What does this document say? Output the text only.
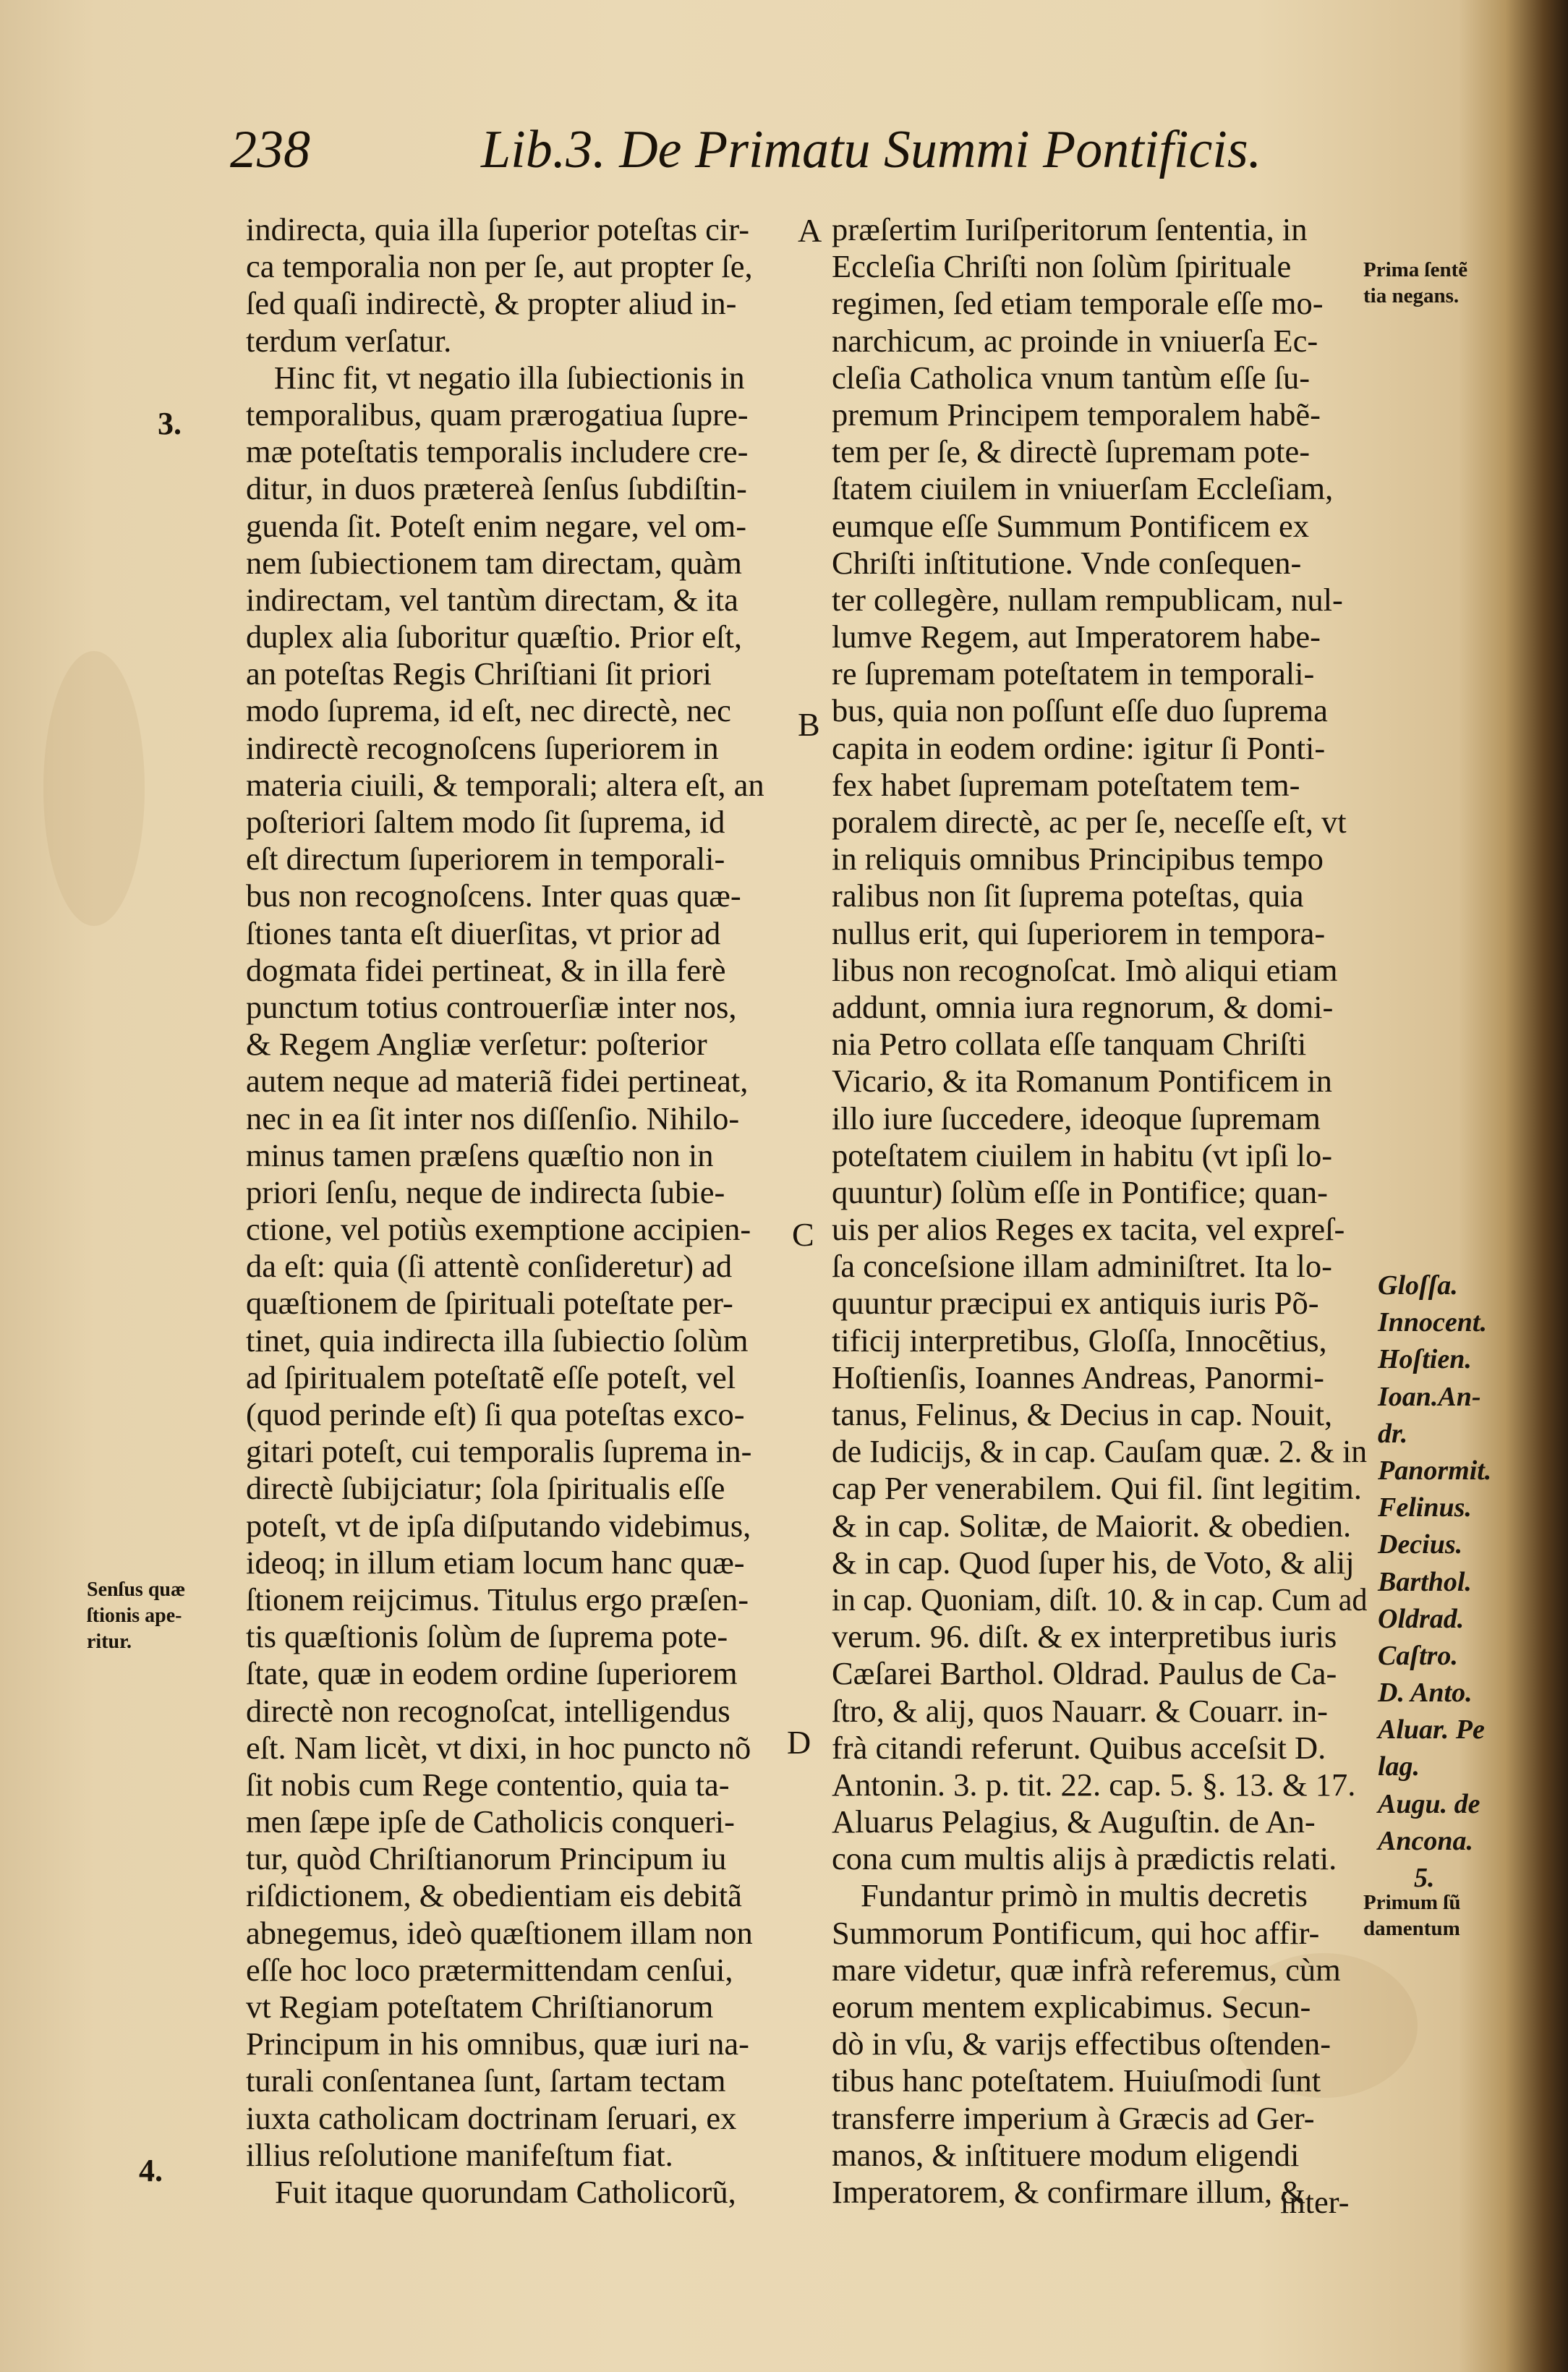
238	Lib.3. De Primatu Summi Pontificis.
A
B
C
D
3.
4.
Senſus quæ
ſtionis ape-
ritur.
Prima ſentẽ
tia negans.
Primum ſũ
damentum
Gloſſa.
Innocent.
Hoſtien.
Ioan.An-
dr.
Panormit.
Felinus.
Decius.
Barthol.
Oldrad.
Caſtro.
D. Anto.
Aluar. Pe
lag.
Augu. de
Ancona.
5.
indirecta, quia illa ſuperior poteſtas cir-
ca temporalia non per ſe, aut propter ſe,
ſed quaſi indirectè, & propter aliud in-
terdum verſatur.
Hinc fit, vt negatio illa ſubiectionis in
temporalibus, quam prærogatiua ſupre-
mæ poteſtatis temporalis includere cre-
ditur, in duos prætereà ſenſus ſubdiſtin-
guenda ſit. Poteſt enim negare, vel om-
nem ſubiectionem tam directam, quàm
indirectam, vel tantùm directam, & ita
duplex alia ſuboritur quæſtio. Prior eſt,
an poteſtas Regis Chriſtiani ſit priori
modo ſuprema, id eſt, nec directè, nec
indirectè recognoſcens ſuperiorem in
materia ciuili, & temporali; altera eſt, an
poſteriori ſaltem modo ſit ſuprema, id
eſt directum ſuperiorem in temporali-
bus non recognoſcens. Inter quas quæ-
ſtiones tanta eſt diuerſitas, vt prior ad
dogmata fidei pertineat, & in illa ferè
punctum totius controuerſiæ inter nos,
& Regem Angliæ verſetur: poſterior
autem neque ad materiã fidei pertineat,
nec in ea ſit inter nos diſſenſio. Nihilo-
minus tamen præſens quæſtio non in
priori ſenſu, neque de indirecta ſubie-
ctione, vel potiùs exemptione accipien-
da eſt: quia (ſi attentè conſideretur) ad
quæſtionem de ſpirituali poteſtate per-
tinet, quia indirecta illa ſubiectio ſolùm
ad ſpiritualem poteſtatẽ eſſe poteſt, vel
(quod perinde eſt) ſi qua poteſtas exco-
gitari poteſt, cui temporalis ſuprema in-
directè ſubijciatur; ſola ſpiritualis eſſe
poteſt, vt de ipſa diſputando videbimus,
ideoq; in illum etiam locum hanc quæ-
ſtionem reijcimus. Titulus ergo præſen-
tis quæſtionis ſolùm de ſuprema pote-
ſtate, quæ in eodem ordine ſuperiorem
directè non recognoſcat, intelligendus
eſt. Nam licèt, vt dixi, in hoc puncto nõ
ſit nobis cum Rege contentio, quia ta-
men ſæpe ipſe de Catholicis conqueri-
tur, quòd Chriſtianorum Principum iu
riſdictionem, & obedientiam eis debitã
abnegemus, ideò quæſtionem illam non
eſſe hoc loco prætermittendam cenſui,
vt Regiam poteſtatem Chriſtianorum
Principum in his omnibus, quæ iuri na-
turali conſentanea ſunt, ſartam tectam
iuxta catholicam doctrinam ſeruari, ex
illius reſolutione manifeſtum fiat.
Fuit itaque quorundam Catholicorũ,
præſertim Iuriſperitorum ſententia, in
Eccleſia Chriſti non ſolùm ſpirituale
regimen, ſed etiam temporale eſſe mo-
narchicum, ac proinde in vniuerſa Ec-
cleſia Catholica vnum tantùm eſſe ſu-
premum Principem temporalem habẽ-
tem per ſe, & directè ſupremam pote-
ſtatem ciuilem in vniuerſam Eccleſiam,
eumque eſſe Summum Pontificem ex
Chriſti inſtitutione. Vnde conſequen-
ter collegère, nullam rempublicam, nul-
lumve Regem, aut Imperatorem habe-
re ſupremam poteſtatem in temporali-
bus, quia non poſſunt eſſe duo ſuprema
capita in eodem ordine: igitur ſi Ponti-
fex habet ſupremam poteſtatem tem-
poralem directè, ac per ſe, neceſſe eſt, vt
in reliquis omnibus Principibus tempo
ralibus non ſit ſuprema poteſtas, quia
nullus erit, qui ſuperiorem in tempora-
libus non recognoſcat. Imò aliqui etiam
addunt, omnia iura regnorum, & domi-
nia Petro collata eſſe tanquam Chriſti
Vicario, & ita Romanum Pontificem in
illo iure ſuccedere, ideoque ſupremam
poteſtatem ciuilem in habitu (vt ipſi lo-
quuntur) ſolùm eſſe in Pontifice; quan-
uis per alios Reges ex tacita, vel expreſ-
ſa conceſsione illam adminiſtret. Ita lo-
quuntur præcipui ex antiquis iuris Põ-
tificij interpretibus, Gloſſa, Innocẽtius,
Hoſtienſis, Ioannes Andreas, Panormi-
tanus, Felinus, & Decius in cap. Nouit,
de Iudicijs, & in cap. Cauſam quæ. 2. & in
cap Per venerabilem. Qui fil. ſint legitim.
& in cap. Solitæ, de Maiorit. & obedien.
& in cap. Quod ſuper his, de Voto, & alij
in cap. Quoniam, diſt. 10. & in cap. Cum ad
verum. 96. diſt. & ex interpretibus iuris
Cæſarei Barthol. Oldrad. Paulus de Ca-
ſtro, & alij, quos Nauarr. & Couarr. in-
frà citandi referunt. Quibus acceſsit D.
Antonin. 3. p. tit. 22. cap. 5. §. 13. & 17.
Aluarus Pelagius, & Auguſtin. de An-
cona cum multis alijs à prædictis relati.
Fundantur primò in multis decretis
Summorum Pontificum, qui hoc affir-
mare videtur, quæ infrà referemus, cùm
eorum mentem explicabimus. Secun-
dò in vſu, & varijs effectibus oſtenden-
tibus hanc poteſtatem. Huiuſmodi ſunt
transferre imperium à Græcis ad Ger-
manos, & inſtituere modum eligendi
Imperatorem, & confirmare illum, &
inter-
